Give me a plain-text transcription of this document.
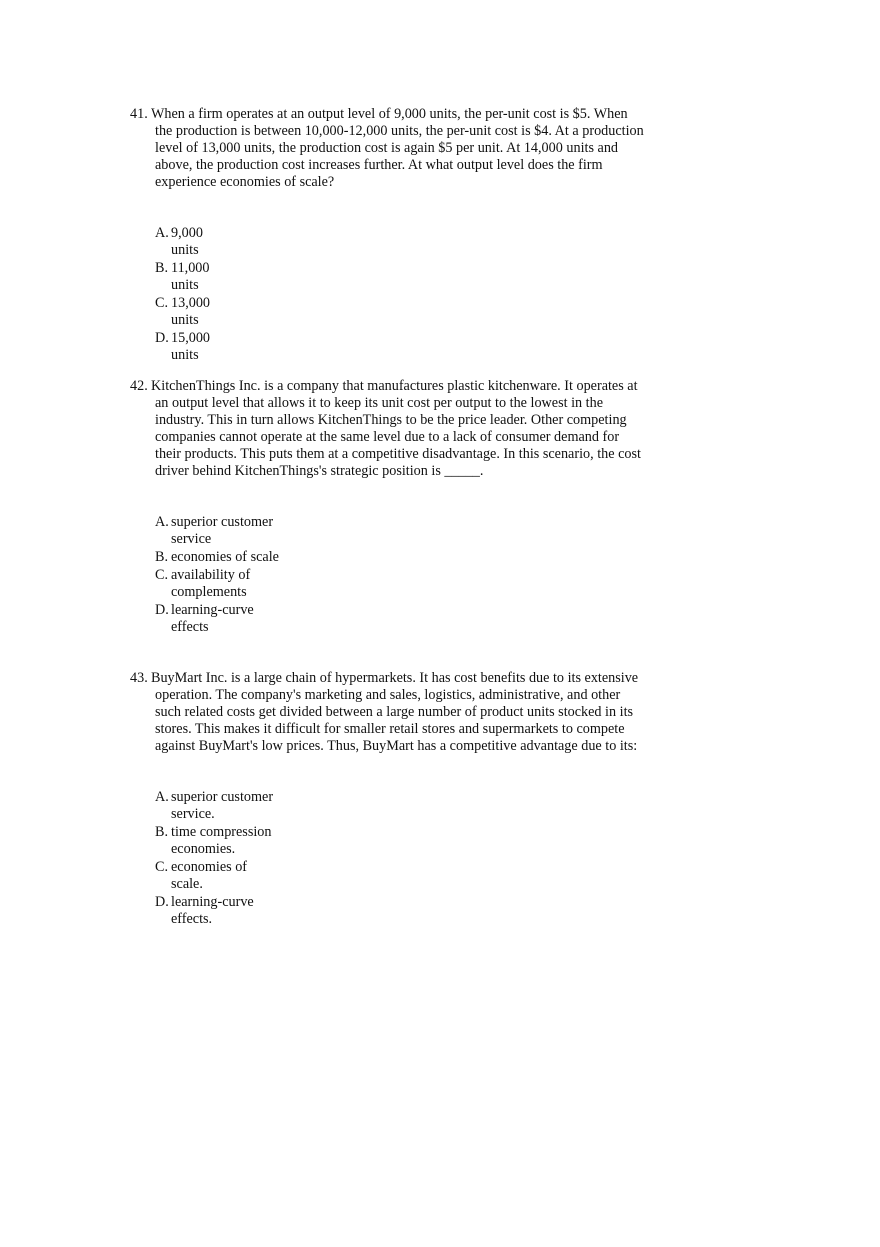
41. When a firm operates at an output level of 9,000 units, the per-unit cost is $5. When the production is between 10,000-12,000 units, the per-unit cost is $4. At a production level of 13,000 units, the production cost is again $5 per unit. At 14,000 units and above, the production cost increases further. At what output level does the firm experience economies of scale?

A. 9,000 units
B. 11,000 units
C. 13,000 units
D. 15,000 units

42. KitchenThings Inc. is a company that manufactures plastic kitchenware. It operates at an output level that allows it to keep its unit cost per output to the lowest in the industry. This in turn allows KitchenThings to be the price leader. Other competing companies cannot operate at the same level due to a lack of consumer demand for their products. This puts them at a competitive disadvantage. In this scenario, the cost driver behind KitchenThings's strategic position is _____.

A. superior customer service
B. economies of scale
C. availability of complements
D. learning-curve effects

43. BuyMart Inc. is a large chain of hypermarkets. It has cost benefits due to its extensive operation. The company's marketing and sales, logistics, administrative, and other such related costs get divided between a large number of product units stocked in its stores. This makes it difficult for smaller retail stores and supermarkets to compete against BuyMart's low prices. Thus, BuyMart has a competitive advantage due to its:

A. superior customer service.
B. time compression economies.
C. economies of scale.
D. learning-curve effects.
